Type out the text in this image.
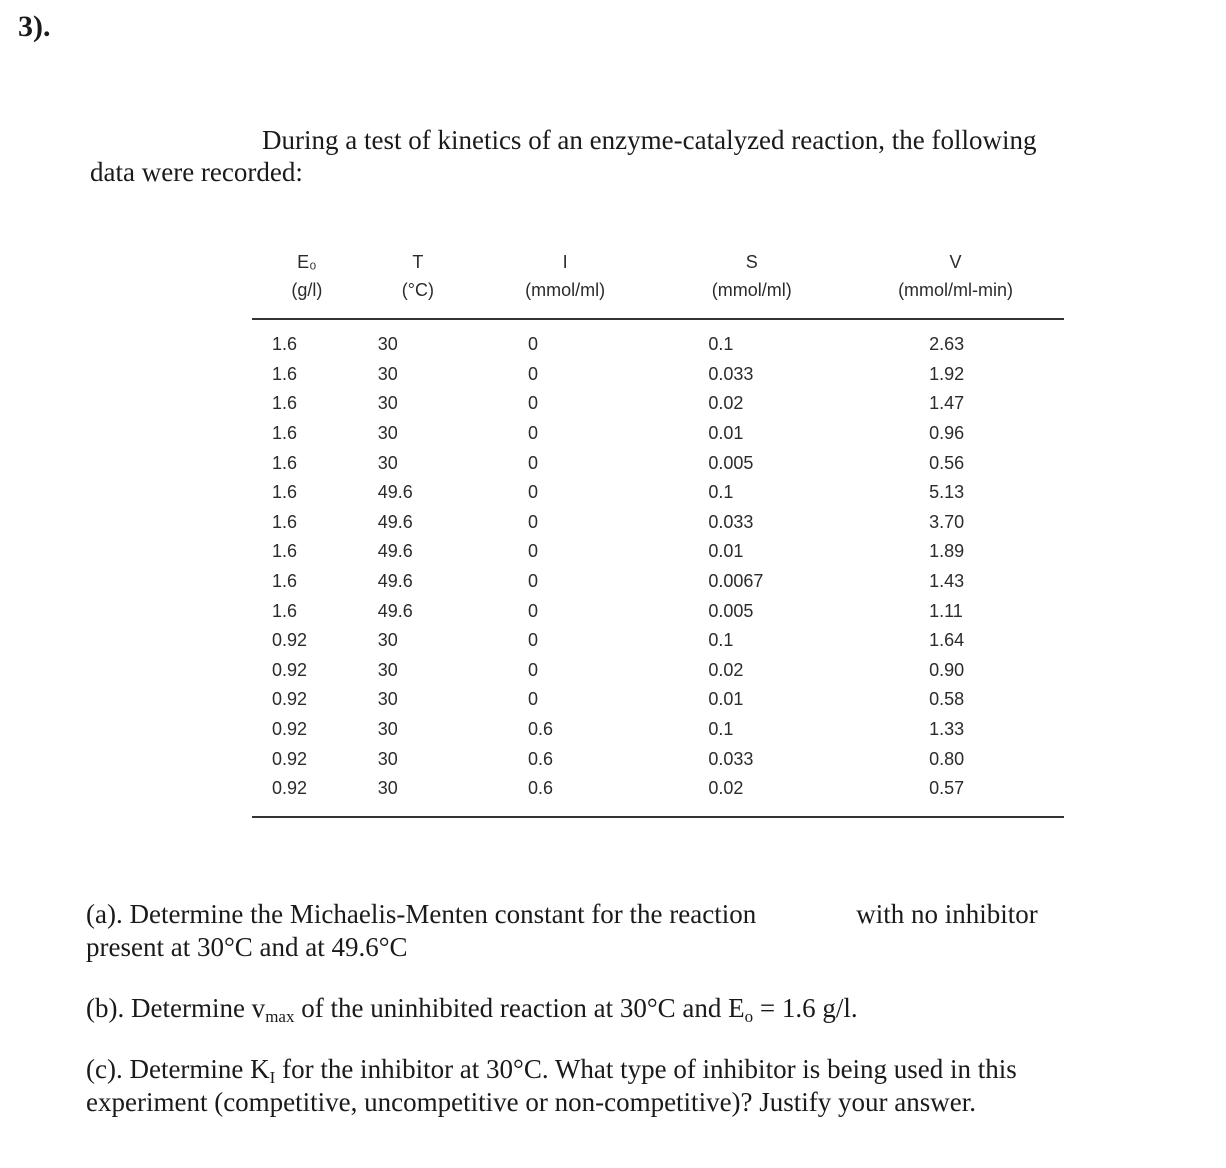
3).
During a test of kinetics of an enzyme-catalyzed reaction, the following
data were recorded:
E₀	T	I	S	V
(g/l)	(°C)	(mmol/ml)	(mmol/ml)	(mmol/ml-min)
1.6	30	0	0.1	2.63
1.6	30	0	0.033	1.92
1.6	30	0	0.02	1.47
1.6	30	0	0.01	0.96
1.6	30	0	0.005	0.56
1.6	49.6	0	0.1	5.13
1.6	49.6	0	0.033	3.70
1.6	49.6	0	0.01	1.89
1.6	49.6	0	0.0067	1.43
1.6	49.6	0	0.005	1.11
0.92	30	0	0.1	1.64
0.92	30	0	0.02	0.90
0.92	30	0	0.01	0.58
0.92	30	0.6	0.1	1.33
0.92	30	0.6	0.033	0.80
0.92	30	0.6	0.02	0.57

(a). Determine the Michaelis-Menten constant for the reaction	with no inhibitor
present at 30°C and at 49.6°C

(b). Determine $v_{max}$ of the uninhibited reaction at 30°C and $E_o = 1.6$ g/l.

(c). Determine $K_I$ for the inhibitor at 30°C. What type of inhibitor is being used in this
experiment (competitive, uncompetitive or non-competitive)? Justify your answer.
